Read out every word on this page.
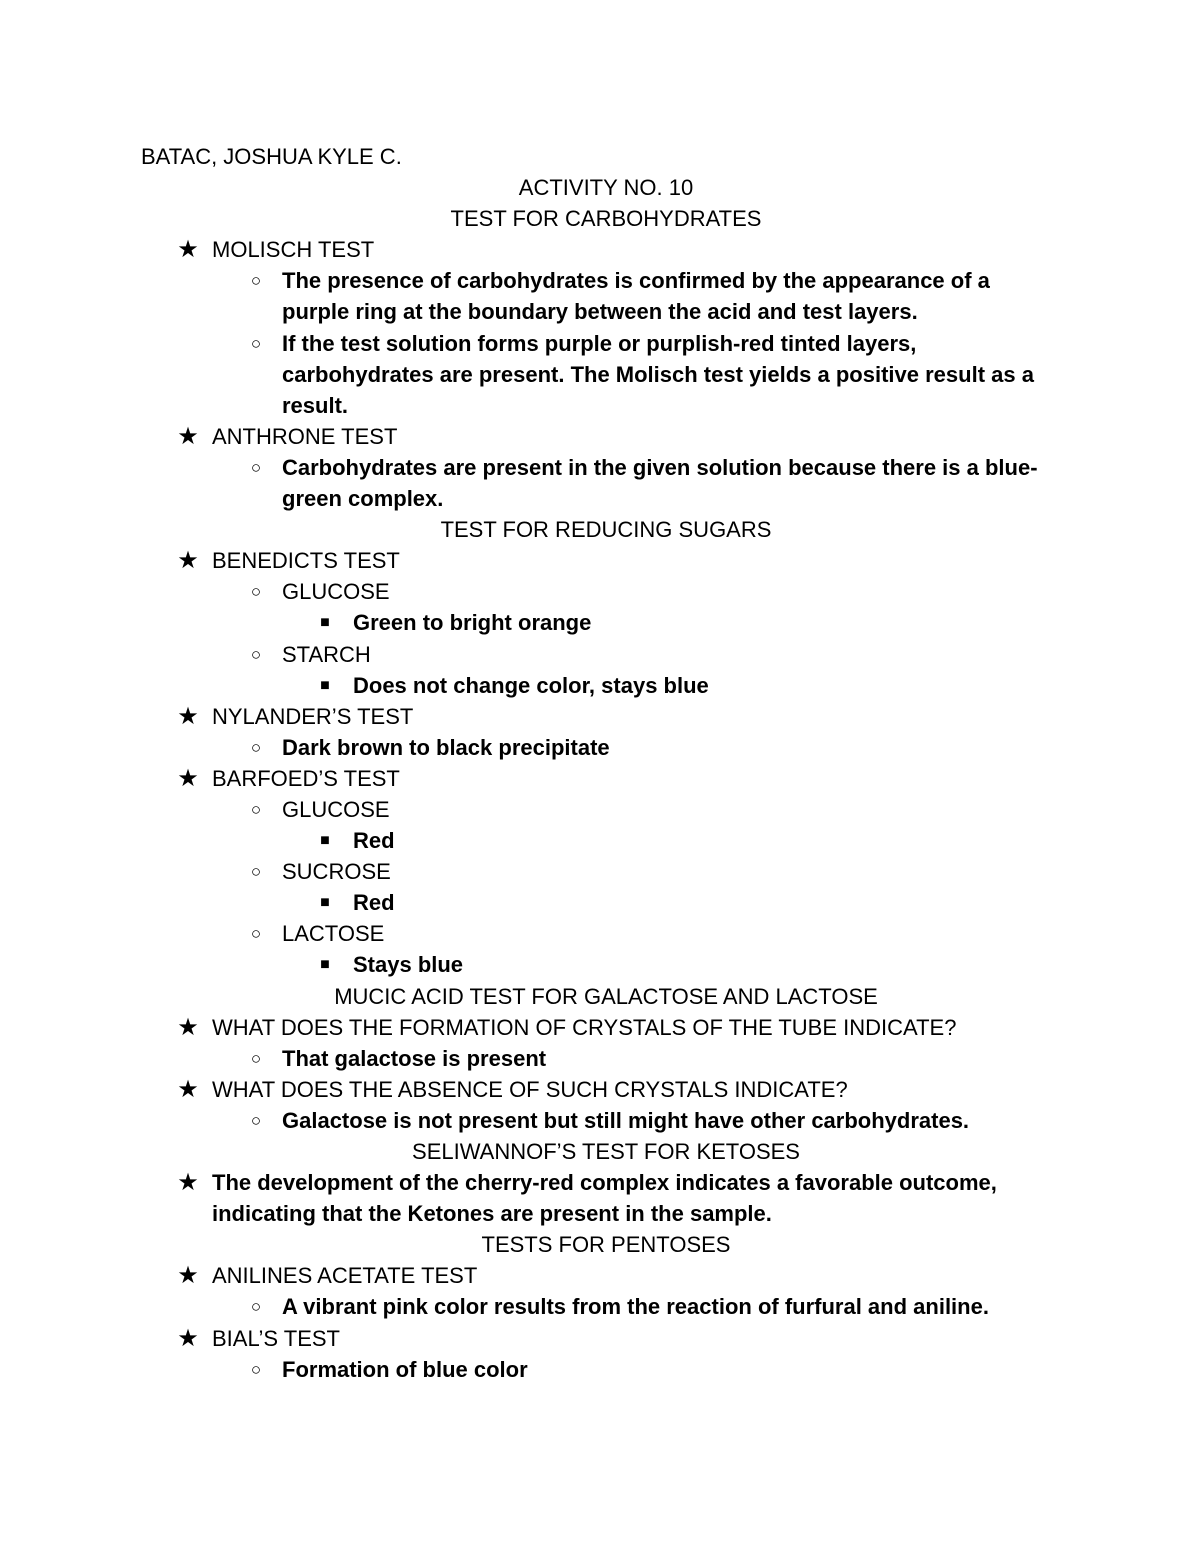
BATAC, JOSHUA KYLE C.

ACTIVITY NO. 10

TEST FOR CARBOHYDRATES

★ MOLISCH TEST
○ The presence of carbohydrates is confirmed by the appearance of a purple ring at the boundary between the acid and test layers.
○ If the test solution forms purple or purplish-red tinted layers, carbohydrates are present. The Molisch test yields a positive result as a result.
★ ANTHRONE TEST
○ Carbohydrates are present in the given solution because there is a blue-green complex.

TEST FOR REDUCING SUGARS

★ BENEDICTS TEST
○ GLUCOSE
■ Green to bright orange
○ STARCH
■ Does not change color, stays blue
★ NYLANDER’S TEST
○ Dark brown to black precipitate
★ BARFOED’S TEST
○ GLUCOSE
■ Red
○ SUCROSE
■ Red
○ LACTOSE
■ Stays blue

MUCIC ACID TEST FOR GALACTOSE AND LACTOSE

★ WHAT DOES THE FORMATION OF CRYSTALS OF THE TUBE INDICATE?
○ That galactose is present
★ WHAT DOES THE ABSENCE OF SUCH CRYSTALS INDICATE?
○ Galactose is not present but still might have other carbohydrates.

SELIWANNOF’S TEST FOR KETOSES

★ The development of the cherry-red complex indicates a favorable outcome, indicating that the Ketones are present in the sample.

TESTS FOR PENTOSES

★ ANILINES ACETATE TEST
○ A vibrant pink color results from the reaction of furfural and aniline.
★ BIAL’S TEST
○ Formation of blue color
